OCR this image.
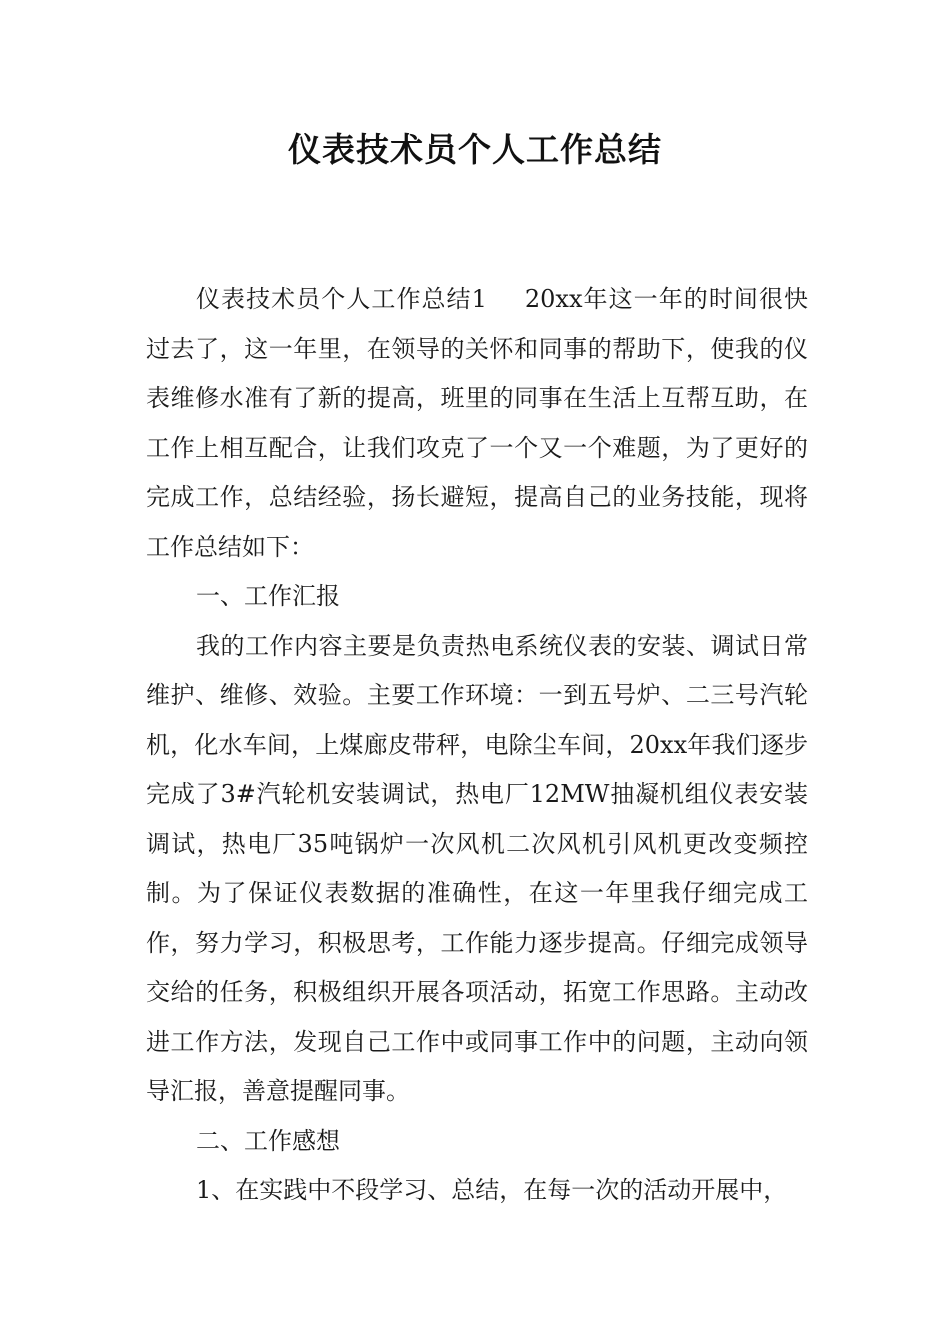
仪表技术员个人工作总结

仪表技术员个人工作总结1 20xx年这一年的时间很快过去了，这一年里，在领导的关怀和同事的帮助下，使我的仪表维修水准有了新的提高，班里的同事在生活上互帮互助，在工作上相互配合，让我们攻克了一个又一个难题，为了更好的完成工作，总结经验，扬长避短，提高自己的业务技能，现将工作总结如下：

一、工作汇报

我的工作内容主要是负责热电系统仪表的安装、调试日常维护、维修、效验。主要工作环境：一到五号炉、二三号汽轮机，化水车间，上煤廊皮带秤，电除尘车间，20xx年我们逐步完成了3#汽轮机安装调试，热电厂12MW抽凝机组仪表安装调试，热电厂35吨锅炉一次风机二次风机引风机更改变频控制。为了保证仪表数据的准确性，在这一年里我仔细完成工作，努力学习，积极思考，工作能力逐步提高。仔细完成领导交给的任务，积极组织开展各项活动，拓宽工作思路。主动改进工作方法，发现自己工作中或同事工作中的问题，主动向领导汇报，善意提醒同事。

二、工作感想

1、在实践中不段学习、总结，在每一次的活动开展中，
